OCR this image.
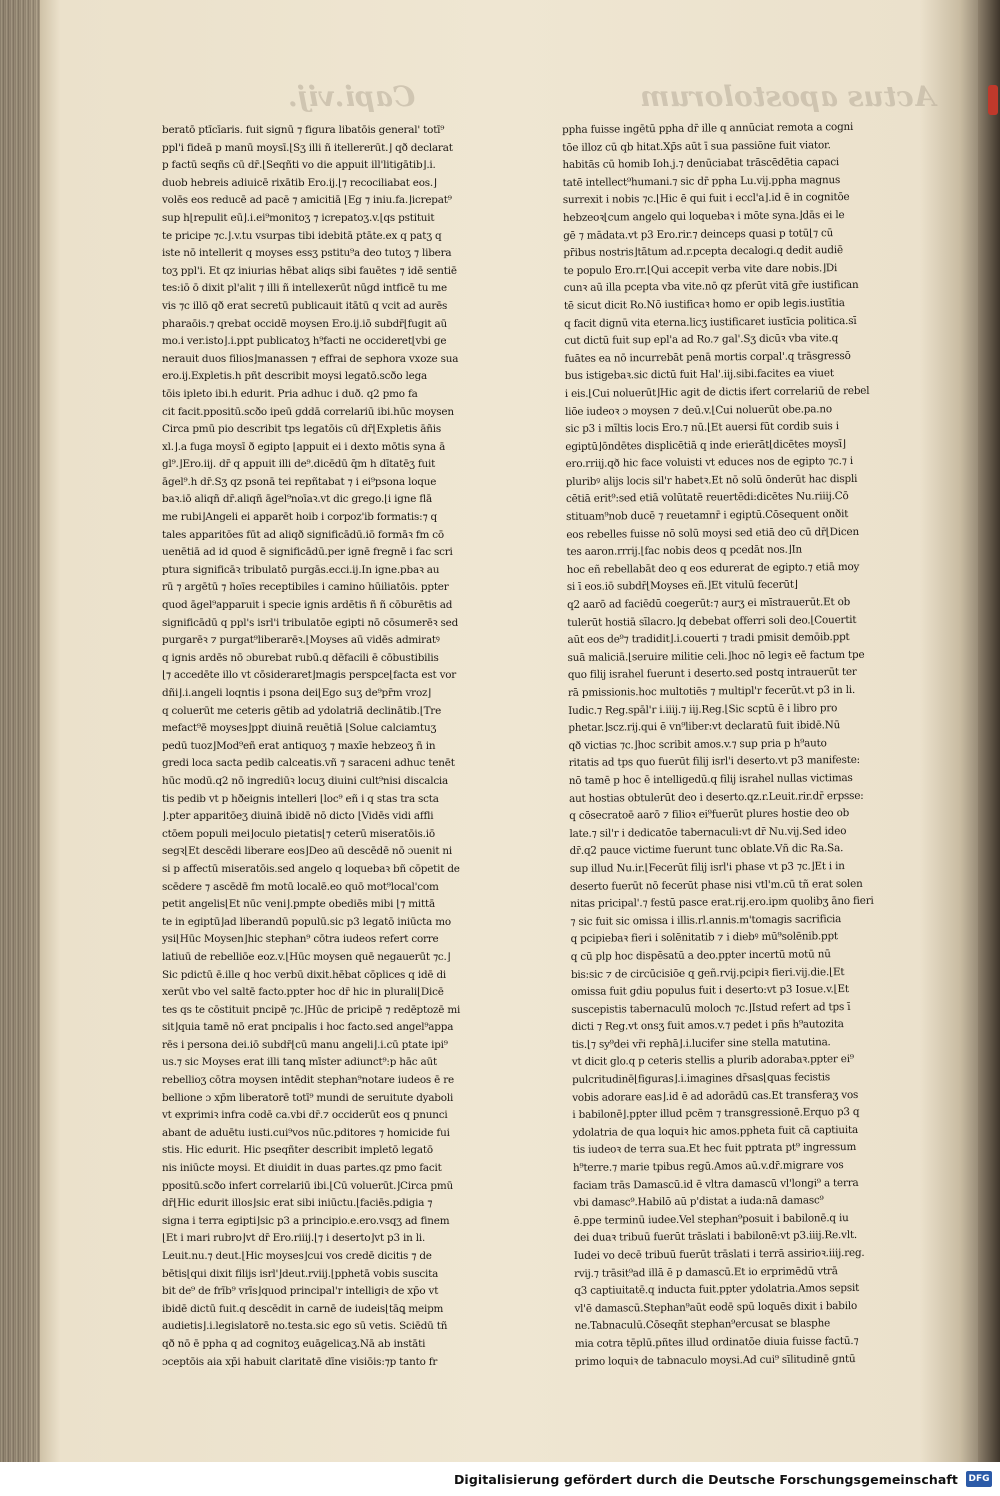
Capi.vij.	Actus apostolorum
beratō ptīcīaris. fuit signū ⁊ figura libatōis general' totī⁹
ppl'i fideā p manū moysī.⌊Sʒ illi ñ itellererūt.⌋ qð declarat
p factū seqñs cū dr̄.⌊Seqñti vo die appuit ill'litigātib⌋.i.
duob hebreis adiuicē rixātib Ero.ij.⌊⁊ recociliabat eos.⌋
volēs eos reducē ad pacē ⁊ amicitiā ⌊Eg ⁊ iniu.fa.⌋icrepat⁹
sup h⌊repulit eū⌋.i.ei⁹monitoʒ ⁊ icrepatoʒ.v.⌊qs pstituit
te pricipe ⁊c.⌋.v.tu vsurpas tibi idebitā ptāte.ex q patʒ q
iste nō intellerit q moyses essʒ pstitu⁹a deo tutoʒ ⁊ libera
toʒ ppl'i. Et qz iniurias hēbat aliqs sibi fauētes ⁊ idē sentiē
tes:iō ō dixit pl'alit ⁊ illi ñ intellexerūt nūgd intficē tu me
vis ⁊c illō qð erat secretū publicauit itātū q vcit ad aurēs
pharaōis.⁊ qrebat occidē moysen Ero.ij.iō subdr̄⌊fugit aū
mo.i ver.isto⌋.i.ppt publicatoʒ h⁹facti ne occideret⌊vbi ge
nerauit duos filios⌋manassen ⁊ effrai de sephora vxoze sua
ero.ij.Expletis.h pñt describit moysi legatō.scðo lega
tōis ipleto ibi.h edurit. Pria adhuc i duð. q2 pmo fa
cit facit.ppositū.scðo ipeū ɡddā correlariū ibi.hūc moysen
Circa pmū pio describit tps legatōis cū dr̄⌊Expletis āñis
xl.⌋.a fuga moysī ð egipto ⌊appuit ei i dexto mōtis syna ā
gl⁹.⌋Ero.iij. dr̄ q appuit illi de⁹.dicēdū q̄m h dītatēʒ fuit
āgel⁹.h dr̄.Sʒ qz psonā tei repñtabat ⁊ i ei⁹psona loque
baꝛ.iō aliqñ dr̄.aliqñ āgel⁹noīaꝛ.vt dic grego.⌊i igne flā
me rubi⌋Angeli ei apparēt hoib i corpoz'ib formatis:⁊ q
tales apparitōes fūt ad aliqð significādū.iō formāꝛ fm cō
uenētiā ad id quod ē significādū.per ignē fregnē i fac scri
ptura significāꝛ tribulatō purgās.ecci.ij.In igne.pbaꝛ au
rū ⁊ argētū ⁊ hoīes receptibiles i camino hūiliatōis. ppter
quod āgel⁹apparuit i specie ignis ardētis ñ ñ cōburētis ad
significādū q ppl's isrl'i tribulatōe egipti nō cōsumerēꝛ sed
purgarēꝛ ⁊ purgat⁹liberarēꝛ.⌊Moyses aū vidēs admiratꝰ
q ignis ardēs nō ɔburebat rubū.q dēfacili ē cōbustibilis
⌊⁊ accedēte illo vt cōsideraret⌋magis perspce⌊facta est vor
dñi⌋.i.angeli loqntis i psona dei⌊Ego suʒ de⁹pr̄m vroz⌋
q coluerūt me ceteris gētib ad ydolatriā declinātib.⌊Tre
mefact⁹ē moyses⌋ppt diuinā reuētiā ⌊Solue calciamtuʒ
pedū tuoz⌋Mod⁹eñ erat antiquoʒ ⁊ maxīe hebzeoʒ ñ in
gredi loca sacta pedib calceatis.vñ ⁊ saraceni adhuc tenēt
hūc modū.q2 nō ingrediūꝛ locuʒ diuini cult⁹nisi discalcia
tis pedib vt p hðeignis intelleri ⌊loc⁹ eñ i q stas tra scta
⌋.pter apparitōeʒ diuinā ibidē nō dicto ⌊Vidēs vidi affli
ctōem populi mei⌋oculo pietatis⌊⁊ ceterū miseratōis.iō
segꝛ⌊Et descēdi liberare eos⌋Deo aū descēdē nō ɔuenit ni
si p affectū miseratōis.sed angelo q loquebaꝛ bñ cōpetit de
scēdere ⁊ ascēdē fm motū localē.eo quō mot⁹local'com
petit angelis⌊Et nūc veni⌋.pmpte obediēs mibi ⌊⁊ mittā
te in egiptū⌋ad liberandū populū.sic p3 legatō iniūcta mo
ysi⌊Hūc Moysen⌋hic stephan⁹ cōtra iudeos refert corre
latiuū de rebelliōe eoz.v.⌊Hūc moysen quē negauerūt ⁊c.⌋
Sic pdictū ē.ille q hoc verbū dixit.hēbat cōplices q idē di
xerūt vbo vel saltē facto.ppter hoc dr̄ hic in plurali⌊Dicē
tes qs te cōstituit pncipē ⁊c.⌋Hūc de pricipē ⁊ redēptozē mi
sit⌋quia tamē nō erat pncipalis i hoc facto.sed angel⁹appa
rēs i persona dei.iō subdr̄⌊cū manu angeli⌋.i.cū ptate ipi⁹
us.⁊ sic Moyses erat illi tanꝗ mīster adiunct⁹:p hāc aūt
rebellioʒ cōtra moysen intēdit stephan⁹notare iudeos ē re
bellione ɔ xp̄m liberatorē totī⁹ mundi de seruitute dyaboli
vt exprimiꝛ infra codē ca.vbi dr̄.⁊ occiderūt eos q pnunci
abant de aduētu iusti.cui⁹vos nūc.pditores ⁊ homicide fui
stis. Hic edurit. Hic pseqñter describit impletō legatō
nis iniūcte moysi. Et diuidit in duas partes.qz pmo facit
ppositū.scðo infert correlariū ibi.⌊Cū voluerūt.⌋Circa pmū
dr̄⌊Hic edurit illos⌋sic erat sibi iniūctu.⌊faciēs.pdigia ⁊
signa i terra egipti⌋sic p3 a principio.e.ero.vsqʒ ad finem
⌊Et i mari rubro⌋vt dr̄ Ero.riiij.⌊⁊ i deserto⌋vt p3 in li.
Leuit.nu.⁊ deut.⌊Hic moyses⌋cui vos credē dicitis ⁊ de
bētis⌊qui dixit filijs isrl'⌋deut.rviij.⌊pphetā vobis suscita
bit de⁹ de frīb⁹ vrīs⌋quod principal'r intelligiꝛ de xp̄o vt
ibidē dictū fuit.q descēdit in carnē de iudeis⌊tāꝗ meipm
audietis⌋.i.legislatorē no.testa.sic ego sū vetis. Sciēdū tñ
qð nō ē ppha q ad cognitoʒ euāgelicaʒ.Nā ab instāti
ɔceptōis aia xp̄i habuit claritatē dīne visiōis:⁊p tanto fr
ppha fuisse ingētū ppha dr̄ ille q annūciat remota a cogni
tōe illoz cū qb hitat.Xp̄s aūt ī sua passiōne fuit viator.
habitās cū homib Ioh.j.⁊ denūciabat trāscēdētia capaci
tatē intellect⁹humani.⁊ sic dr̄ ppha Lu.vij.ppha magnus
surrexit i nobis ⁊c.⌊Hic ē qui fuit i eccl'a⌋.id ē in cognitōe
hebzeoꝛ⌊cum angelo qui loquebaꝛ i mōte syna.⌋dās ei le
gē ⁊ mādata.vt p3 Ero.rir.⁊ deinceps quasi p totū⌊⁊ cū
pr̄ibus nostris⌋tātum ad.r.pcepta decalogi.q dedit audiē
te populo Ero.rr.⌊Qui accepit verba vite dare nobis.⌋Di
cunꝛ aū illa pcepta vba vite.nō qz pferūt vitā gr̄e iustifican
tē sicut dicit Ro.Nō iustificaꝛ homo er opib legis.iustītia
q facit dignū vita eterna.licʒ iustificaret iustīcia politica.sī
cut dictū fuit sup epl'a ad Ro.⁊ gal'.Sʒ dicūꝛ vba vite.q
fuātes ea nō incurrebāt penā mortis corpal'.q trāsgressō
bus istigebaꝛ.sic dictū fuit Hal'.iij.sibi.facites ea viuet
i eis.⌊Cui noluerūt⌋Hic agit de dictis ifert correlariū de rebel
liōe iudeoꝛ ɔ moysen ⁊ deū.v.⌊Cui noluerūt obe.pa.no
sic p3 i mīltis locis Ero.⁊ nū.⌊Et auersi fūt cordib suis i
egiptū⌋ōndētes displicētiā q inde erierāt⌊dicētes moysī⌋
ero.rriij.qð hic face voluisti vt educes nos de egipto ⁊c.⁊ i
pluribꝰ alijs locis sil'r habetꝛ.Et nō solū ōnderūt hac displi
cētiā erit⁹:sed etiā volūtatē reuertēdi:dicētes Nu.riiij.Cō
stituam⁹nob ducē ⁊ reuetamnr̄ i egiptū.Cōsequent onðit
eos rebelles fuisse nō solū moysi sed etiā deo cū dr̄⌊Dicen
tes aaron.rrrij.⌊fac nobis deos q pcedāt nos.⌋In
hoc eñ rebellabāt deo q eos edurerat de egipto.⁊ etiā moy
si ī eos.iō subdr̄⌊Moyses eñ.⌋Et vitulū fecerūt⌋
q2 aarō ad faciēdū coegerūt:⁊ aurʒ ei mīstrauerūt.Et ob
tulerūt hostiā sīlacro.⌋q debebat offerri soli deo.⌊Couertit
aūt eos de⁹⁊ tradidit⌋.i.couerti ⁊ tradi pmisit demōib.ppt
suā maliciā.⌊seruire militie celi.⌋hoc nō legiꝛ eē factum tpe
quo filij israhel fuerunt i deserto.sed postq intrauerūt ter
rā pmissionis.hoc multotiēs ⁊ multipl'r fecerūt.vt p3 in li.
Iudic.⁊ Reg.spāl'r i.iiij.⁊ iij.Reg.⌊Sic scptū ē i libro pro
phetar.⌋scz.rij.qui ē vn⁹liber:vt declaratū fuit ibidē.Nū
qð victias ⁊c.⌋hoc scribit amos.v.⁊ sup pria p h⁹auto
ritatis ad tps quo fuerūt filij isrl'i deserto.vt p3 manifeste:
nō tamē p hoc ē intelligedū.q filij israhel nullas victimas
aut hostias obtulerūt deo i deserto.qz.r.Leuit.rir.dr̄ erpsse:
q cōsecratoē aarō ⁊ filioꝛ ei⁹fuerūt plures hostie deo ob
late.⁊ sil'r i dedicatōe tabernaculi:vt dr̄ Nu.vij.Sed ideo
dr̄.q2 pauce victime fuerunt tunc oblate.Vñ dic Ra.Sa.
sup illud Nu.ir.⌊Fecerūt filij isrl'i phase vt p3 ⁊c.⌋Et i in
deserto fuerūt nō fecerūt phase nisi vtl'm.cū tñ erat solen
nitas pricipal'.⁊ festū pasce erat.rij.ero.ipm quolibʒ āno fieri
⁊ sic fuit sic omissa i illis.rl.annis.m'tomagis sacrificia
q pcipiebaꝛ fieri i solēnitatib ⁊ i diebꝰ mū⁹solēnib.ppt
q cū plp hoc dispēsatū a deo.ppter incertū motū nū
bis:sic ⁊ de circūcisiōe q geñ.rvij.pcipiꝛ fieri.vij.die.⌊Et
omissa fuit ɡdiu populus fuit i deserto:vt p3 Iosue.v.⌊Et
suscepistis tabernaculū moloch ⁊c.⌋Istud refert ad tps ī
dicti ⁊ Reg.vt onsʒ fuit amos.v.⁊ pedet i pñs h⁹autozita
tis.⌊⁊ sy⁹dei vr̄i rephā⌋.i.lucifer sine stella matutina.
vt dicit glo.q p ceteris stellis a plurib adorabaꝛ.ppter ei⁹
pulcritudinē⌊figuras⌋.i.imagines dr̄sas⌊quas fecistis
vobis adorare eas⌋.id ē ad adorādū cas.Et transferaʒ vos
i babilonē⌋.ppter illud pcēm ⁊ transgressionē.Erquo p3 q
ydolatria de qua loquiꝛ hic amos.ppheta fuit cā captiuita
tis iudeoꝛ de terra sua.Et hec fuit pptrata pt⁹ ingressum
h⁹terre.⁊ marie tpibus regū.Amos aū.v.dr̄.migrare vos
faciam trās Damascū.id ē vltra damascū vl'longi⁹ a terra
vbi damasc⁹.Habilō aū p'distat a iuda:nā damasc⁹
ē.ppe terminū iudee.Vel stephan⁹posuit i babilonē.q iu
dei duaꝛ tribuū fuerūt trāslati i babilonē:vt p3.iiij.Re.vlt.
Iudei vo decē tribuū fuerūt trāslati i terrā assirioꝛ.iiij.reg.
rvij.⁊ trāsit⁹ad illā ē p damascū.Et io erprimēdū vtrā
q3 captiuitatē.q inducta fuit.ppter ydolatria.Amos sepsit
vl'ē damascū.Stephan⁹aūt eodē spū loquēs dixit i babilo
ne.Tabnaculū.Cōseqñt stephan⁹ercusat se blasphe
mia cotra tēplū.pñtes illud ordinatōe diuia fuisse factū.⁊
primo loquiꝛ de tabnaculo moysi.Ad cui⁹ sīlitudinē ɡntū
Digitalisierung gefördert durch die Deutsche Forschungsgemeinschaft DFG
